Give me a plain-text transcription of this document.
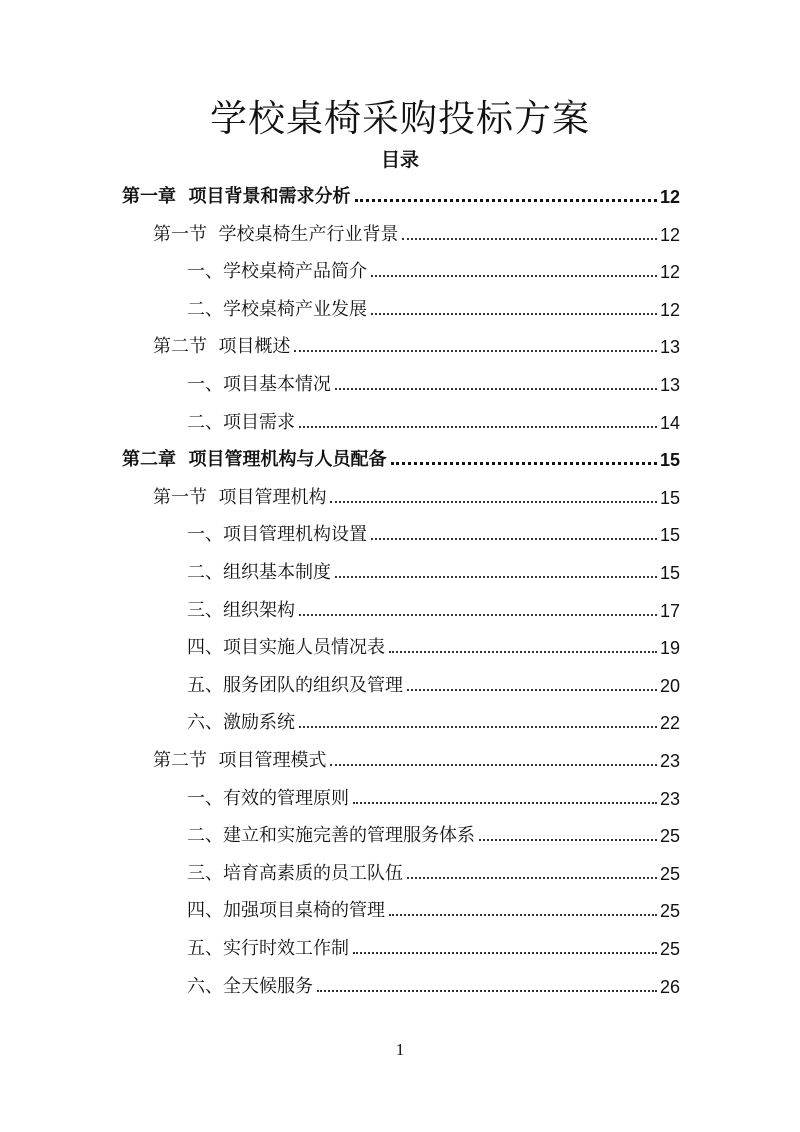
学校桌椅采购投标方案
目录
第一章  项目背景和需求分析	12
第一节  学校桌椅生产行业背景	12
一、学校桌椅产品简介	12
二、学校桌椅产业发展	12
第二节  项目概述	13
一、项目基本情况	13
二、项目需求	14
第二章  项目管理机构与人员配备	15
第一节  项目管理机构	15
一、项目管理机构设置	15
二、组织基本制度	15
三、组织架构	17
四、项目实施人员情况表	19
五、服务团队的组织及管理	20
六、激励系统	22
第二节  项目管理模式	23
一、有效的管理原则	23
二、建立和实施完善的管理服务体系	25
三、培育高素质的员工队伍	25
四、加强项目桌椅的管理	25
五、实行时效工作制	25
六、全天候服务	26
1
